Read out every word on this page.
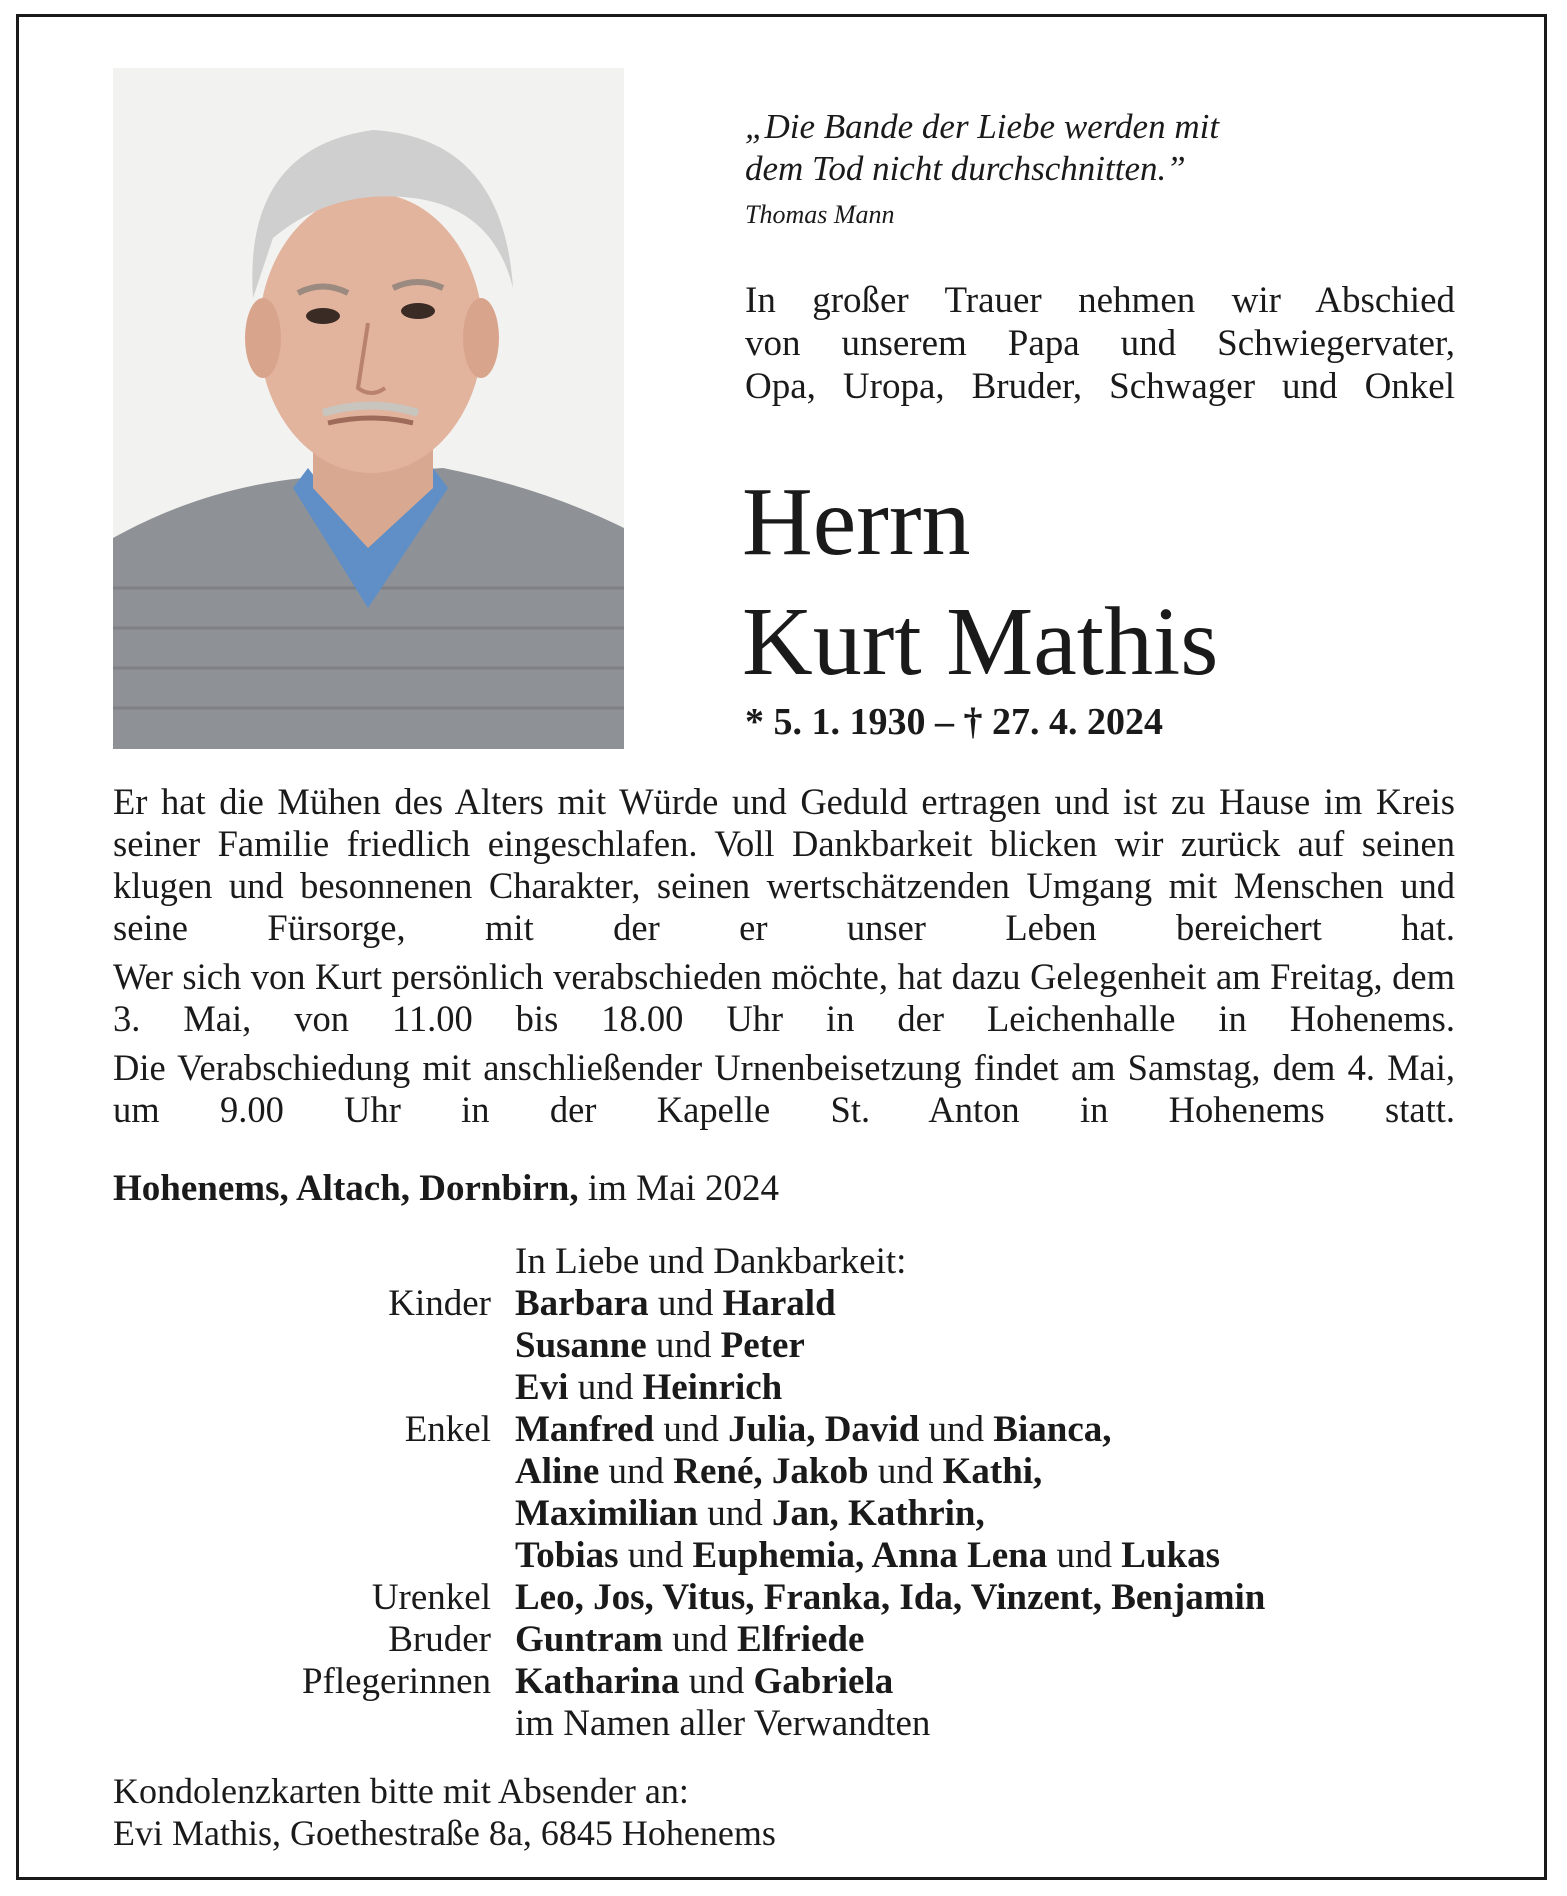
„Die Bande der Liebe werden mit
dem Tod nicht durchschnitten.”
Thomas Mann
In großer Trauer nehmen wir Abschied
von unserem Papa und Schwiegervater,
Opa, Uropa, Bruder, Schwager und Onkel
Herrn
Kurt Mathis
* 5. 1. 1930 – † 27. 4. 2024

Er hat die Mühen des Alters mit Würde und Geduld ertragen und ist zu Hause im Kreis seiner Familie friedlich eingeschlafen. Voll Dankbarkeit blicken wir zurück auf seinen klugen und besonnenen Charakter, seinen wertschätzenden Umgang mit Menschen und seine Fürsorge, mit der er unser Leben bereichert hat.

Wer sich von Kurt persönlich verabschieden möchte, hat dazu Gelegenheit am Freitag, dem 3. Mai, von 11.00 bis 18.00 Uhr in der Leichenhalle in Hohenems.

Die Verabschiedung mit anschließender Urnenbeisetzung findet am Samstag, dem 4. Mai, um 9.00 Uhr in der Kapelle St. Anton in Hohenems statt.

Hohenems, Altach, Dornbirn, im Mai 2024
In Liebe und Dankbarkeit:
Kinder Barbara und Harald
Susanne und Peter
Evi und Heinrich
Enkel Manfred und Julia, David und Bianca,
Aline und René, Jakob und Kathi,
Maximilian und Jan, Kathrin,
Tobias und Euphemia, Anna Lena und Lukas
Urenkel Leo, Jos, Vitus, Franka, Ida, Vinzent, Benjamin
Bruder Guntram und Elfriede
Pflegerinnen Katharina und Gabriela
im Namen aller Verwandten
Kondolenzkarten bitte mit Absender an:
Evi Mathis, Goethestraße 8a, 6845 Hohenems
